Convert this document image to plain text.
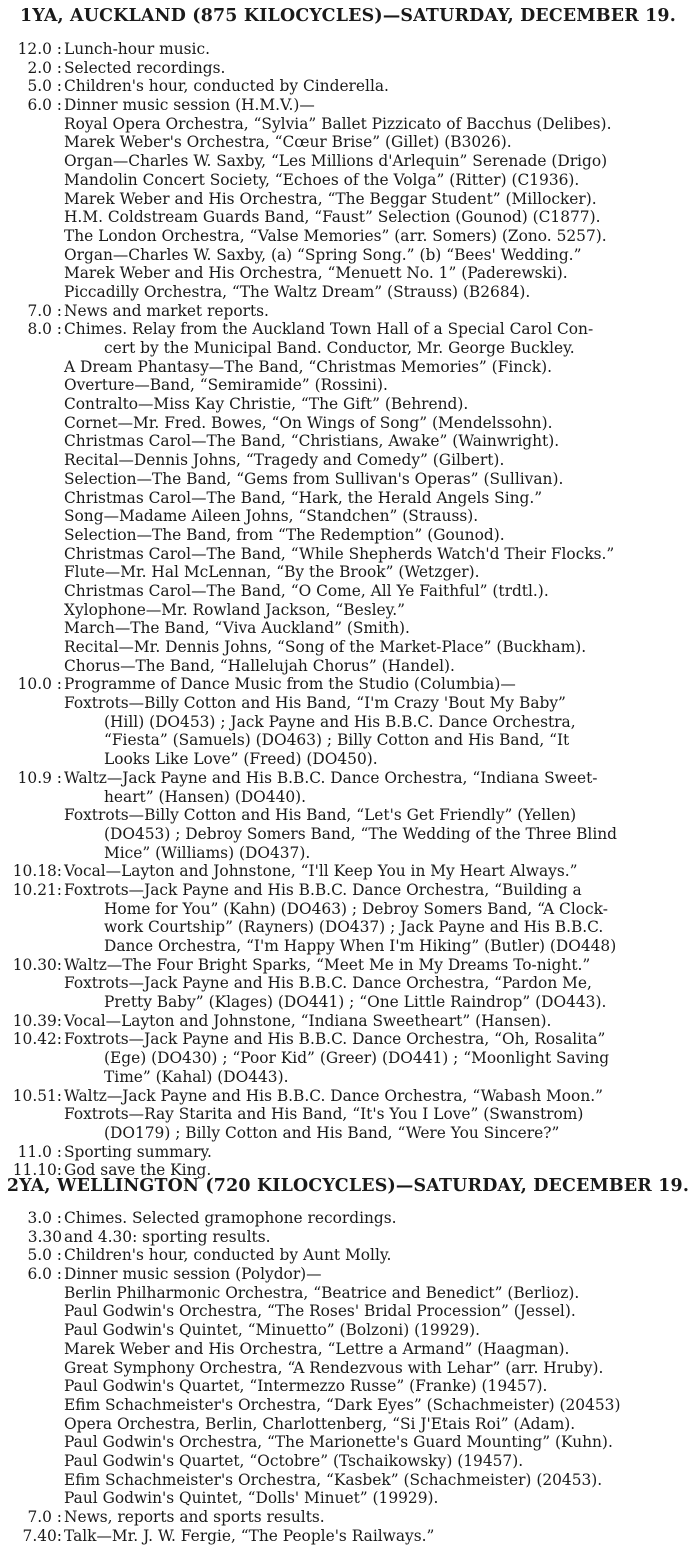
1YA, AUCKLAND (875 KILOCYCLES)—SATURDAY, DECEMBER 19.
12.0 : Lunch-hour music.
2.0 : Selected recordings.
5.0 : Children's hour, conducted by Cinderella.
6.0 : Dinner music session (H.M.V.)—
Royal Opera Orchestra, “Sylvia” Ballet Pizzicato of Bacchus (Delibes).
Marek Weber's Orchestra, “Cœur Brise” (Gillet) (B3026).
Organ—Charles W. Saxby, “Les Millions d'Arlequin” Serenade (Drigo)
Mandolin Concert Society, “Echoes of the Volga” (Ritter) (C1936).
Marek Weber and His Orchestra, “The Beggar Student” (Millocker).
H.M. Coldstream Guards Band, “Faust” Selection (Gounod) (C1877).
The London Orchestra, “Valse Memories” (arr. Somers) (Zono. 5257).
Organ—Charles W. Saxby, (a) “Spring Song.” (b) “Bees' Wedding.”
Marek Weber and His Orchestra, “Menuett No. 1” (Paderewski).
Piccadilly Orchestra, “The Waltz Dream” (Strauss) (B2684).
7.0 : News and market reports.
8.0 : Chimes. Relay from the Auckland Town Hall of a Special Carol Con-
cert by the Municipal Band. Conductor, Mr. George Buckley.
A Dream Phantasy—The Band, “Christmas Memories” (Finck).
Overture—Band, “Semiramide” (Rossini).
Contralto—Miss Kay Christie, “The Gift” (Behrend).
Cornet—Mr. Fred. Bowes, “On Wings of Song” (Mendelssohn).
Christmas Carol—The Band, “Christians, Awake” (Wainwright).
Recital—Dennis Johns, “Tragedy and Comedy” (Gilbert).
Selection—The Band, “Gems from Sullivan's Operas” (Sullivan).
Christmas Carol—The Band, “Hark, the Herald Angels Sing.”
Song—Madame Aileen Johns, “Standchen” (Strauss).
Selection—The Band, from “The Redemption” (Gounod).
Christmas Carol—The Band, “While Shepherds Watch'd Their Flocks.”
Flute—Mr. Hal McLennan, “By the Brook” (Wetzger).
Christmas Carol—The Band, “O Come, All Ye Faithful” (trdtl.).
Xylophone—Mr. Rowland Jackson, “Besley.”
March—The Band, “Viva Auckland” (Smith).
Recital—Mr. Dennis Johns, “Song of the Market-Place” (Buckham).
Chorus—The Band, “Hallelujah Chorus” (Handel).
10.0 : Programme of Dance Music from the Studio (Columbia)—
Foxtrots—Billy Cotton and His Band, “I'm Crazy 'Bout My Baby”
(Hill) (DO453) ; Jack Payne and His B.B.C. Dance Orchestra,
“Fiesta” (Samuels) (DO463) ; Billy Cotton and His Band, “It
Looks Like Love” (Freed) (DO450).
10.9 : Waltz—Jack Payne and His B.B.C. Dance Orchestra, “Indiana Sweet-
heart” (Hansen) (DO440).
Foxtrots—Billy Cotton and His Band, “Let's Get Friendly” (Yellen)
(DO453) ; Debroy Somers Band, “The Wedding of the Three Blind
Mice” (Williams) (DO437).
10.18: Vocal—Layton and Johnstone, “I'll Keep You in My Heart Always.”
10.21: Foxtrots—Jack Payne and His B.B.C. Dance Orchestra, “Building a
Home for You” (Kahn) (DO463) ; Debroy Somers Band, “A Clock-
work Courtship” (Rayners) (DO437) ; Jack Payne and His B.B.C.
Dance Orchestra, “I'm Happy When I'm Hiking” (Butler) (DO448)
10.30: Waltz—The Four Bright Sparks, “Meet Me in My Dreams To-night.”
Foxtrots—Jack Payne and His B.B.C. Dance Orchestra, “Pardon Me,
Pretty Baby” (Klages) (DO441) ; “One Little Raindrop” (DO443).
10.39: Vocal—Layton and Johnstone, “Indiana Sweetheart” (Hansen).
10.42: Foxtrots—Jack Payne and His B.B.C. Dance Orchestra, “Oh, Rosalita”
(Ege) (DO430) ; “Poor Kid” (Greer) (DO441) ; “Moonlight Saving
Time” (Kahal) (DO443).
10.51: Waltz—Jack Payne and His B.B.C. Dance Orchestra, “Wabash Moon.”
Foxtrots—Ray Starita and His Band, “It's You I Love” (Swanstrom)
(DO179) ; Billy Cotton and His Band, “Were You Sincere?”
11.0 : Sporting summary.
11.10: God save the King.
2YA, WELLINGTON (720 KILOCYCLES)—SATURDAY, DECEMBER 19.
3.0 : Chimes. Selected gramophone recordings.
3.30 and 4.30: sporting results.
5.0 : Children's hour, conducted by Aunt Molly.
6.0 : Dinner music session (Polydor)—
Berlin Philharmonic Orchestra, “Beatrice and Benedict” (Berlioz).
Paul Godwin's Orchestra, “The Roses' Bridal Procession” (Jessel).
Paul Godwin's Quintet, “Minuetto” (Bolzoni) (19929).
Marek Weber and His Orchestra, “Lettre a Armand” (Haagman).
Great Symphony Orchestra, “A Rendezvous with Lehar” (arr. Hruby).
Paul Godwin's Quartet, “Intermezzo Russe” (Franke) (19457).
Efim Schachmeister's Orchestra, “Dark Eyes” (Schachmeister) (20453)
Opera Orchestra, Berlin, Charlottenberg, “Si J'Etais Roi” (Adam).
Paul Godwin's Orchestra, “The Marionette's Guard Mounting” (Kuhn).
Paul Godwin's Quartet, “Octobre” (Tschaikowsky) (19457).
Efim Schachmeister's Orchestra, “Kasbek” (Schachmeister) (20453).
Paul Godwin's Quintet, “Dolls' Minuet” (19929).
7.0 : News, reports and sports results.
7.40: Talk—Mr. J. W. Fergie, “The People's Railways.”
